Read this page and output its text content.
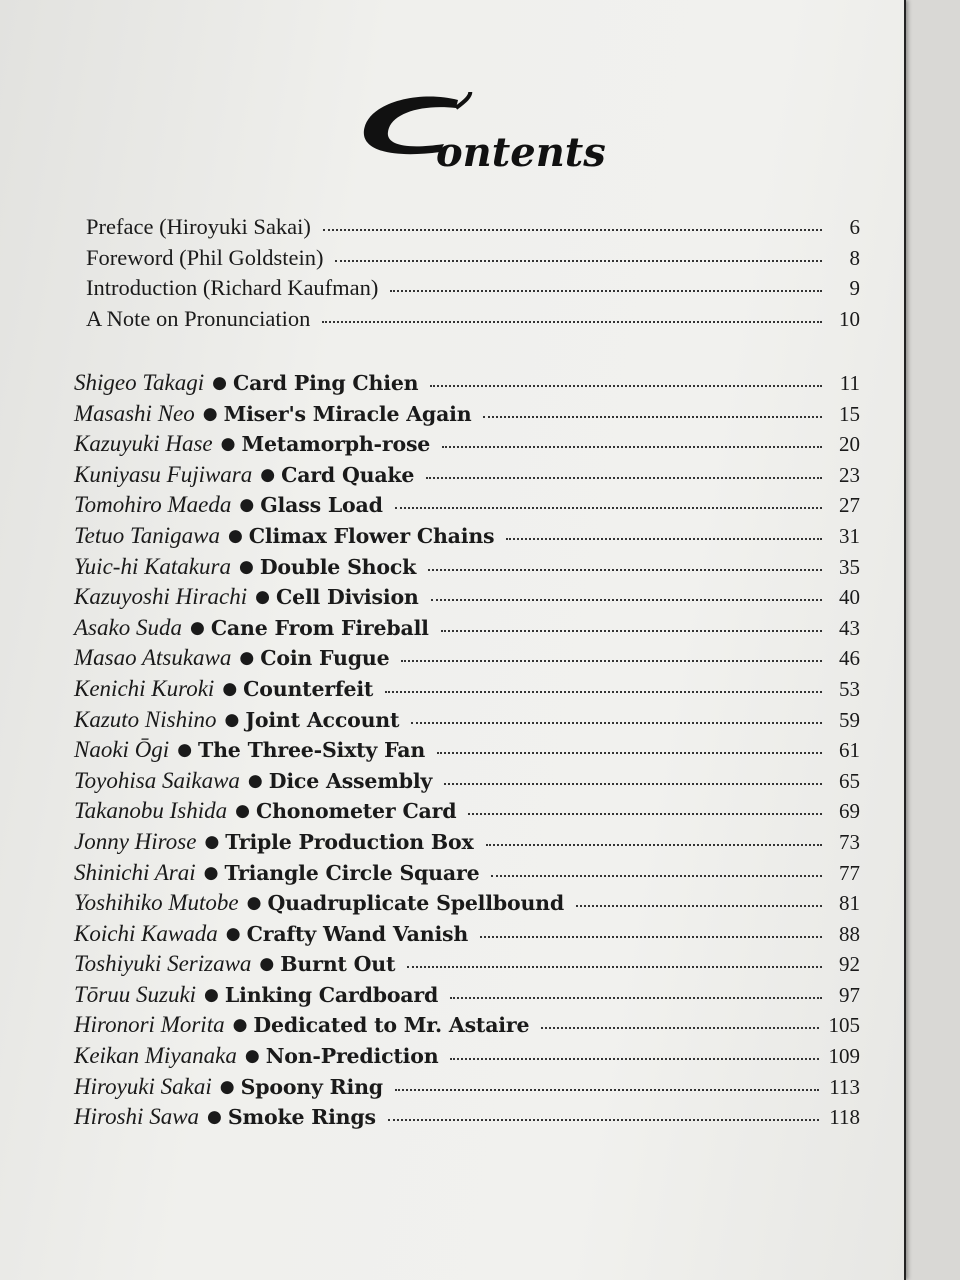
ontents
Preface (Hiroyuki Sakai)	6
Foreword (Phil Goldstein)	8
Introduction (Richard Kaufman)	9
A Note on Pronunciation	10
Shigeo Takagi ● Card Ping Chien	11
Masashi Neo ● Miser's Miracle Again	15
Kazuyuki Hase ● Metamorph-rose	20
Kuniyasu Fujiwara ● Card Quake	23
Tomohiro Maeda ● Glass Load	27
Tetuo Tanigawa ● Climax Flower Chains	31
Yuic-hi Katakura ● Double Shock	35
Kazuyoshi Hirachi ● Cell Division	40
Asako Suda ● Cane From Fireball	43
Masao Atsukawa ● Coin Fugue	46
Kenichi Kuroki ● Counterfeit	53
Kazuto Nishino ● Joint Account	59
Naoki Ōgi ● The Three-Sixty Fan	61
Toyohisa Saikawa ● Dice Assembly	65
Takanobu Ishida ● Chonometer Card	69
Jonny Hirose ● Triple Production Box	73
Shinichi Arai ● Triangle Circle Square	77
Yoshihiko Mutobe ● Quadruplicate Spellbound	81
Koichi Kawada ● Crafty Wand Vanish	88
Toshiyuki Serizawa ● Burnt Out	92
Tōruu Suzuki ● Linking Cardboard	97
Hironori Morita ● Dedicated to Mr. Astaire	105
Keikan Miyanaka ● Non-Prediction	109
Hiroyuki Sakai ● Spoony Ring	113
Hiroshi Sawa ● Smoke Rings	118
